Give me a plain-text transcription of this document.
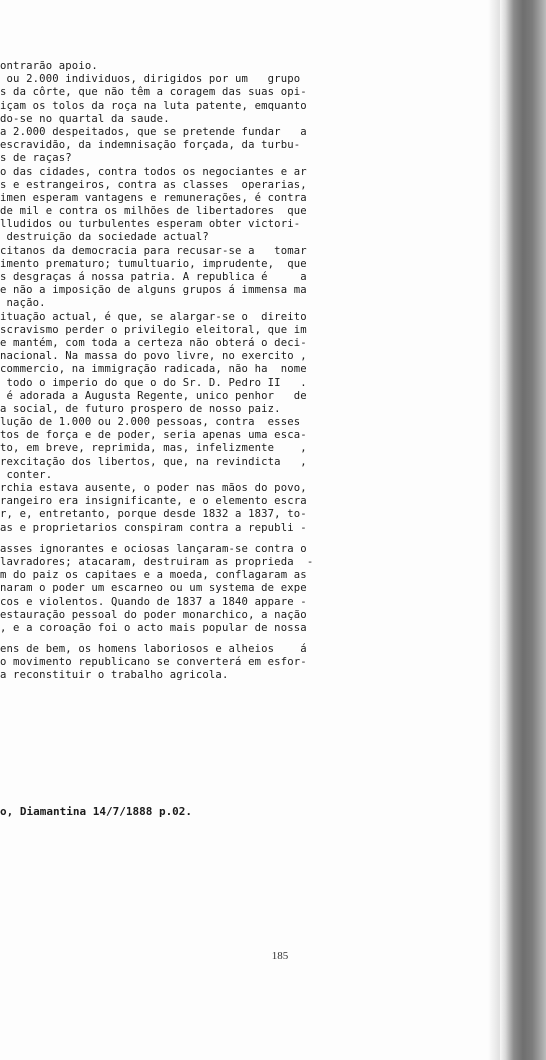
ontrarão apoio.
ou 2.000 individuos, dirigidos por um   grupo
s da côrte, que não têm a coragem das suas opi-
içam os tolos da roça na luta patente, emquanto
do-se no quartal da saude.
a 2.000 despeitados, que se pretende fundar   a
escravidão, da indemnisação forçada, da turbu-
s de raças?
o das cidades, contra todos os negociantes e ar
s e estrangeiros, contra as classes  operarias,
imen esperam vantagens e remunerações, é contra
de mil e contra os milhões de libertadores  que
lludidos ou turbulentes esperam obter victori-
destruição da sociedade actual?
citanos da democracia para recusar-se a   tomar
imento prematuro; tumultuario, imprudente,  que
s desgraças á nossa patria. A republica é     a
e não a imposição de alguns grupos á immensa ma
nação.
ituação actual, é que, se alargar-se o  direito
scravismo perder o privilegio eleitoral, que im
e mantém, com toda a certeza não obterá o deci-
nacional. Na massa do povo livre, no exercito ,
commercio, na immigração radicada, não ha  nome
todo o imperio do que o do Sr. D. Pedro II   .
é adorada a Augusta Regente, unico penhor   de
a social, de futuro prospero de nosso paiz.
lução de 1.000 ou 2.000 pessoas, contra  esses
tos de força e de poder, seria apenas uma esca-
to, em breve, reprimida, mas, infelizmente    ,
rexcitação dos libertos, que, na revindicta   ,
conter.
rchia estava ausente, o poder nas mãos do povo,
rangeiro era insignificante, e o elemento escra
r, e, entretanto, porque desde 1832 a 1837, to-
as e proprietarios conspiram contra a republi -
asses ignorantes e ociosas lançaram-se contra o
lavradores; atacaram, destruiram as propriedа  -
m do paiz os capitaes e a moeda, conflagaram as
naram o poder um escarneo ou um systema de expe
cos e violentos. Quando de 1837 a 1840 appare -
estauração pessoal do poder monarchico, a nação
, e a coroação foi o acto mais popular de nossa
ens de bem, os homens laboriosos e alheios    á
o movimento republicano se converterá em esfor-
a reconstituir o trabalho agricola.
o, Diamantina 14/7/1888 p.02.
185
